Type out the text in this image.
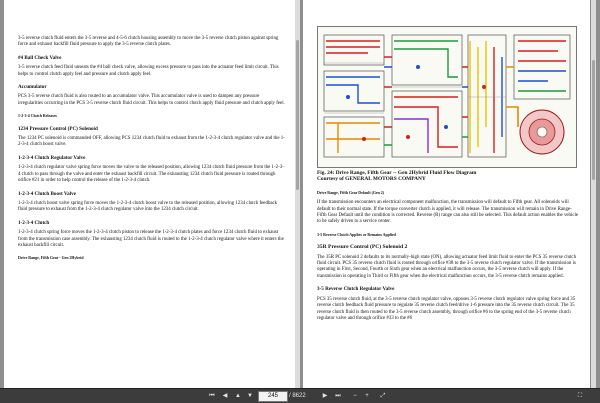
3-5 reverse clutch fluid enters the 3-5 reverse and 4-5-6 clutch housing assembly to move the 3-5 reverse clutch piston against spring force and exhaust backfill fluid pressure to apply the 3-5 reverse clutch plates.

#4 Ball Check Valve

3-5 reverse clutch feed fluid unseats the #4 ball check valve, allowing excess pressure to pass into the actuator feed limit circuit. This helps to control clutch apply feel and pressure and clutch apply feel.

Accumulator

PCS 3-5 reverse clutch fluid is also routed to an accumulator valve. This accumulator valve is used to dampen any pressure irregularities occurring in the PCS 3-5 reverse clutch fluid circuit. This helps to control clutch apply fluid pressure and clutch apply feel.

1-2-3-4 Clutch Releases

1234 Pressure Control (PC) Solenoid

The 1234 PC solenoid is commanded OFF, allowing PCS 1234 clutch fluid to exhaust from the 1-2-3-4 clutch regulator valve and the 1-2-3-4 clutch boost valve.

1-2-3-4 Clutch Regulator Valve

1-2-3-4 clutch regulator valve spring force moves the valve to the released position, allowing 1234 clutch fluid pressure from the 1-2-3-4 clutch to pass through the valve and enter the exhaust backfill circuit. The exhausting 1234 clutch fluid pressure is routed through orifice #21 in order to help control the release of the 1-2-3-4 clutch.

1-2-3-4 Clutch Boost Valve

1-2-3-4 clutch boost valve spring force moves the 1-2-3-4 clutch boost valve to the released position, allowing 1234 clutch feedback fluid pressure to exhaust from the 1-2-3-4 clutch regulator valve into the 1234 clutch circuit.

1-2-3-4 Clutch

1-2-3-4 clutch spring force moves the 1-2-3-4 clutch piston to release the 1-2-3-4 clutch plates and force 1234 clutch fluid to exhaust from the transmission case assembly. The exhausting 1234 clutch fluid is routed to the 1-2-3-4 clutch regulator valve where it enters the exhaust backfill circuit.

Drive Range, Fifth Gear - Gen 2Hybrid

Fig. 24: Drive Range, Fifth Gear -- Gen 2Hybrid Fluid Flow Diagram

Courtesy of GENERAL MOTORS COMPANY

Drive Range, Fifth Gear Default (Gen 2)

If the transmission encounters an electrical component malfunction, the transmission will default to Fifth gear. All solenoids will default to their normal state. If the torque converter clutch is applied, it will release. The transmission will remain in Drive Range- Fifth Gear Default until the condition is corrected. Reverse (R) range can also still be selected. This default action enables the vehicle to be safely driven to a service center.

3-5 Reverse Clutch Applies or Remains Applied

35R Pressure Control (PC) Solenoid 2

The 35R PC solenoid 2 defaults to its normally-high state (ON), allowing actuator feed limit fluid to enter the PCS 35 reverse clutch fluid circuit. PCS 35 reverse clutch fluid is routed through orifice #38 to the 3-5 reverse clutch regulator valve. If the transmission is operating in First, Second, Fourth or Sixth gear when an electrical malfunction occurs, the 3-5 reverse clutch will apply. If the transmission is operating in Third or Fifth gear when the electrical malfunction occurs, the 3-5 reverse clutch remains applied.

3-5 Reverse Clutch Regulator Valve

PCS 35 reverse clutch fluid, at the 3-5 reverse clutch regulator valve, opposes 3-5 reverse clutch regulator valve spring force and 35 reverse clutch feedback fluid pressure to regulate 35 reverse clutch feed/drive 1-6 pressure into the 35 reverse clutch circuit. The 35 reverse clutch fluid is then routed to the 3-5 reverse clutch assembly, through orifice #6 to the spring end of the 3-5 reverse clutch regulator valve and through orifice #33 to the #6

⏮	◀	▲	▼
245	/ 8622	▶	⏭	−	+	⤢	⛶
